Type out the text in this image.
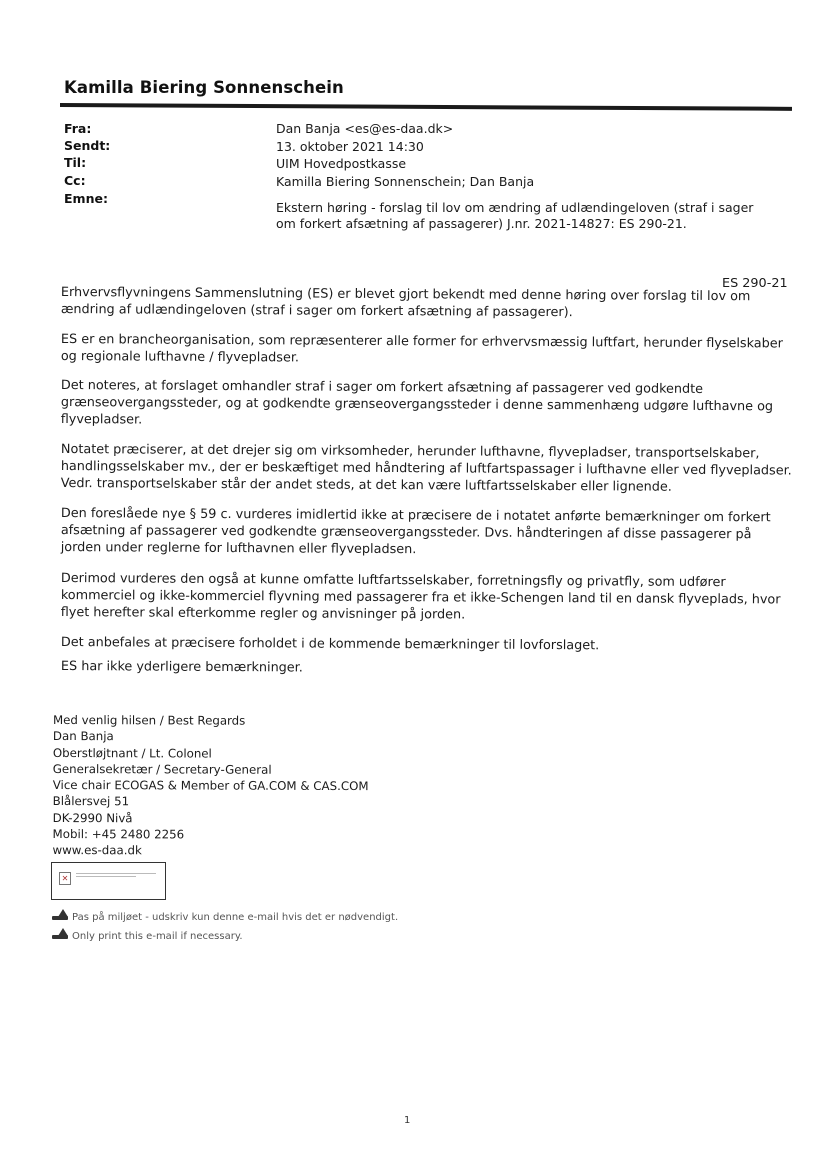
Kamilla Biering Sonnenschein
Fra:	Dan Banja <es@es-daa.dk>
Sendt:	13. oktober 2021 14:30
Til:	UIM Hovedpostkasse
Cc:	Kamilla Biering Sonnenschein; Dan Banja
Emne:
Ekstern høring - forslag til lov om ændring af udlændingeloven (straf i sager om forkert afsætning af passagerer) J.nr. 2021-14827: ES 290-21.
ES 290-21
Erhvervsflyvningens Sammenslutning (ES) er blevet gjort bekendt med denne høring over forslag til lov om ændring af udlændingeloven (straf i sager om forkert afsætning af passagerer).
ES er en brancheorganisation, som repræsenterer alle former for erhvervsmæssig luftfart, herunder flyselskaber og regionale lufthavne / flyvepladser.
Det noteres, at forslaget omhandler straf i sager om forkert afsætning af passagerer ved godkendte grænseovergangssteder, og at godkendte grænseovergangssteder i denne sammenhæng udgøre lufthavne og flyvepladser.
Notatet præciserer, at det drejer sig om virksomheder, herunder lufthavne, flyvepladser, transportselskaber, handlingsselskaber mv., der er beskæftiget med håndtering af luftfartspassager i lufthavne eller ved flyvepladser. Vedr. transportselskaber står der andet steds, at det kan være luftfartsselskaber eller lignende.
Den foreslåede nye § 59 c. vurderes imidlertid ikke at præcisere de i notatet anførte bemærkninger om forkert afsætning af passagerer ved godkendte grænseovergangssteder. Dvs. håndteringen af disse passagerer på jorden under reglerne for lufthavnen eller flyvepladsen.
Derimod vurderes den også at kunne omfatte luftfartsselskaber, forretningsfly og privatfly, som udfører kommerciel og ikke-kommerciel flyvning med passagerer fra et ikke-Schengen land til en dansk flyveplads, hvor flyet herefter skal efterkomme regler og anvisninger på jorden.
Det anbefales at præcisere forholdet i de kommende bemærkninger til lovforslaget.
ES har ikke yderligere bemærkninger.
Med venlig hilsen / Best Regards
Dan Banja
Oberstløjtnant / Lt. Colonel
Generalsekretær / Secretary-General
Vice chair ECOGAS & Member of GA.COM & CAS.COM
Blålersvej 51
DK-2990 Nivå
Mobil: +45 2480 2256
www.es-daa.dk
✕
Pas på miljøet - udskriv kun denne e-mail hvis det er nødvendigt.
Only print this e-mail if necessary.
1
